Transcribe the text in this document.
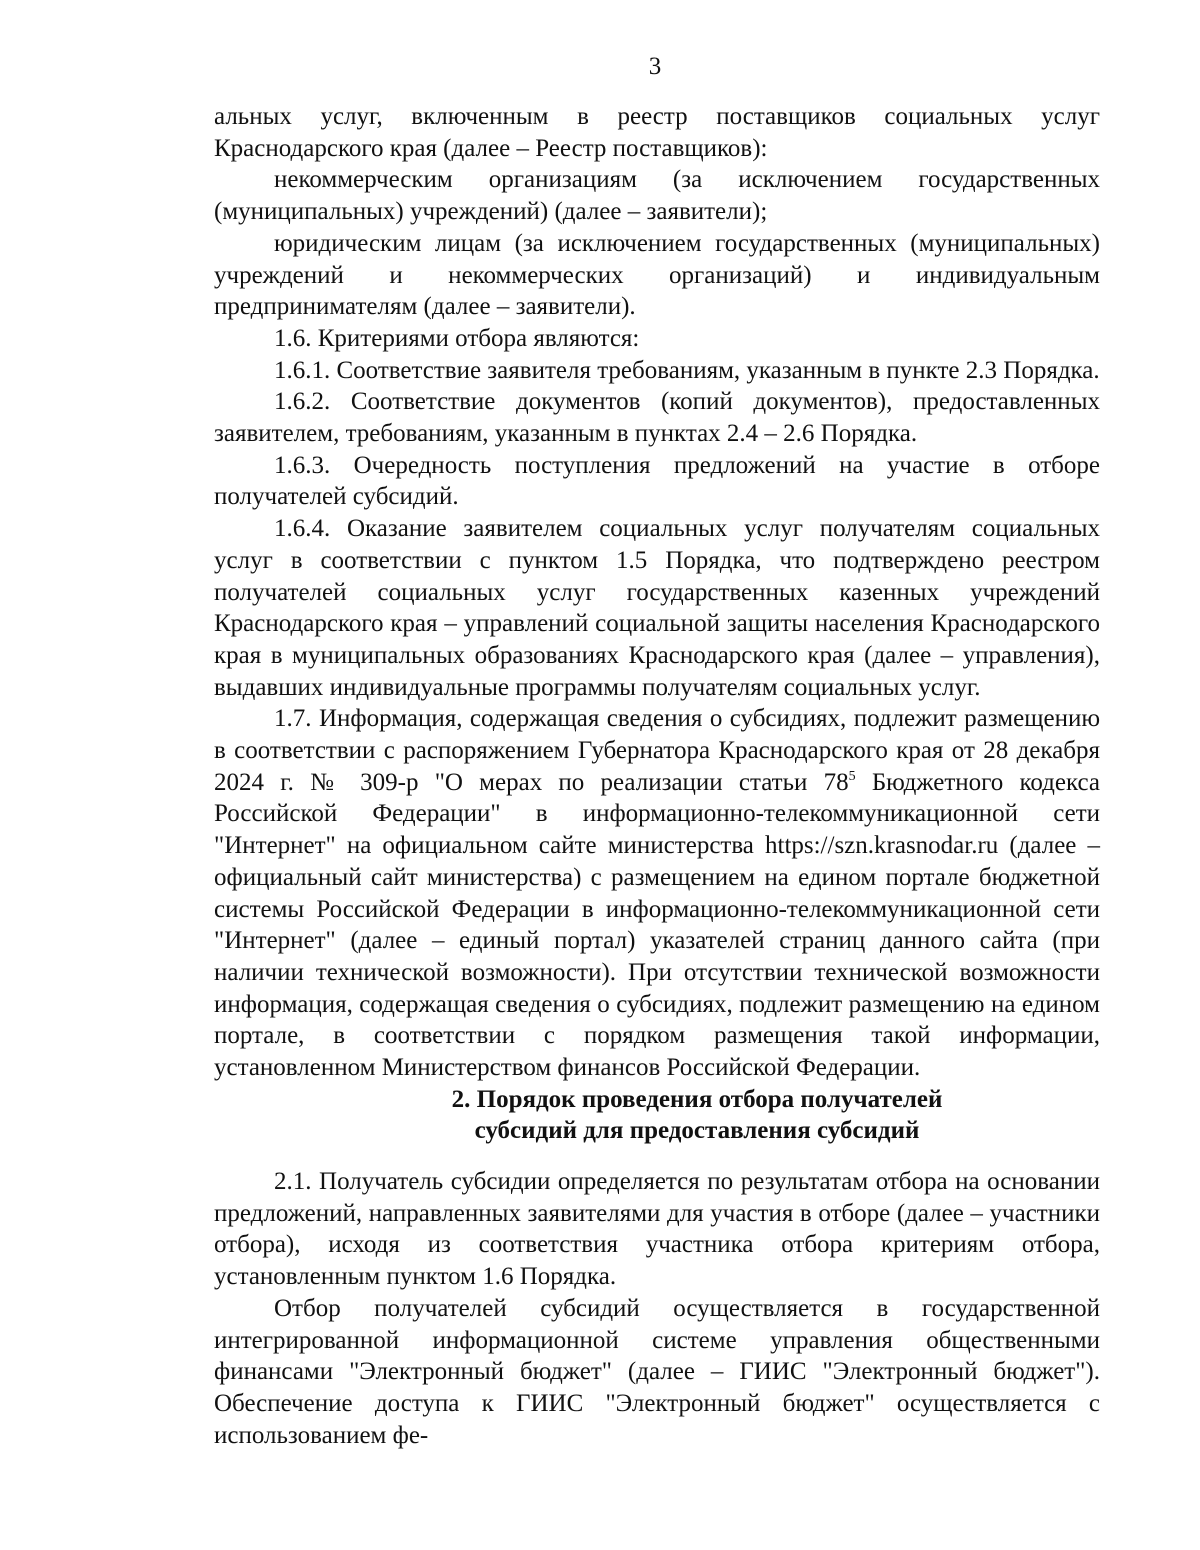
3

альных услуг, включенным в реестр поставщиков социальных услуг Краснодарского края (далее – Реестр поставщиков):

некоммерческим организациям (за исключением государственных (муниципальных) учреждений) (далее – заявители);

юридическим лицам (за исключением государственных (муниципальных) учреждений и некоммерческих организаций) и индивидуальным предпринимателям (далее – заявители).

1.6. Критериями отбора являются:

1.6.1. Соответствие заявителя требованиям, указанным в пункте 2.3 Порядка.

1.6.2. Соответствие документов (копий документов), предоставленных заявителем, требованиям, указанным в пунктах 2.4 – 2.6 Порядка.

1.6.3. Очередность поступления предложений на участие в отборе получателей субсидий.

1.6.4. Оказание заявителем социальных услуг получателям социальных услуг в соответствии с пунктом 1.5 Порядка, что подтверждено реестром получателей социальных услуг государственных казенных учреждений Краснодарского края – управлений социальной защиты населения Краснодарского края в муниципальных образованиях Краснодарского края (далее – управления), выдавших индивидуальные программы получателям социальных услуг.

1.7. Информация, содержащая сведения о субсидиях, подлежит размещению в соответствии с распоряжением Губернатора Краснодарского края от 28 декабря 2024 г. № 309-р "О мерах по реализации статьи $78^5$ Бюджетного кодекса Российской Федерации" в информационно-телекоммуникационной сети "Интернет" на официальном сайте министерства https://szn.krasnodar.ru (далее – официальный сайт министерства) с размещением на едином портале бюджетной системы Российской Федерации в информационно-телекоммуникационной сети "Интернет" (далее – единый портал) указателей страниц данного сайта (при наличии технической возможности). При отсутствии технической возможности информация, содержащая сведения о субсидиях, подлежит размещению на едином портале, в соответствии с порядком размещения такой информации, установленном Министерством финансов Российской Федерации.

2. Порядок проведения отбора получателей
субсидий для предоставления субсидий

2.1. Получатель субсидии определяется по результатам отбора на основании предложений, направленных заявителями для участия в отборе (далее – участники отбора), исходя из соответствия участника отбора критериям отбора, установленным пунктом 1.6 Порядка.

Отбор получателей субсидий осуществляется в государственной интегрированной информационной системе управления общественными финансами "Электронный бюджет" (далее – ГИИС "Электронный бюджет"). Обеспечение доступа к ГИИС "Электронный бюджет" осуществляется с использованием фе-
